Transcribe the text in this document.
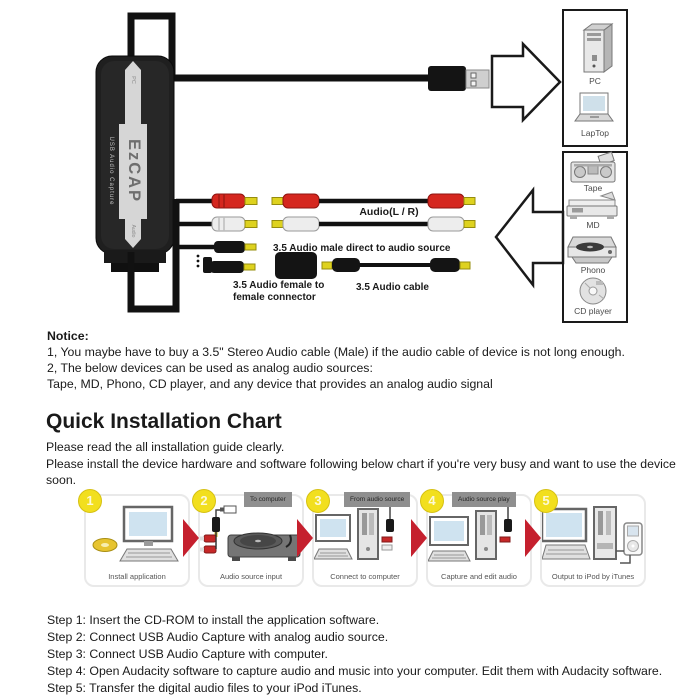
PC
EzCAP
Audio
USB Audio Capture
PC
LapTop
Tape
MD
Phono
CD player
Audio(L / R)
3.5 Audio male direct to audio source
3.5 Audio female to
female connector
3.5 Audio cable
Notice:
1, You maybe have to buy a 3.5" Stereo Audio cable (Male) if the audio cable of device is not long enough.
2, The below devices can be used as analog audio sources:
Tape, MD, Phono, CD player, and any device that provides an analog audio signal
Quick Installation Chart
Please read the all installation guide clearly.
Please install the device hardware and software following below chart if you're very busy and want to use the device
soon.
1
Install application
2	To computer
Audio source input
3	From audio source
Connect to computer
4	Audio source play
Capture and edit audio
5
Output to iPod by iTunes
Step 1: Insert the CD-ROM to install the application software.
Step 2: Connect USB Audio Capture with analog audio source.
Step 3: Connect USB Audio Capture with computer.
Step 4: Open Audacity software to capture audio and music into your computer. Edit them with Audacity software.
Step 5: Transfer the digital audio files to your iPod iTunes.
